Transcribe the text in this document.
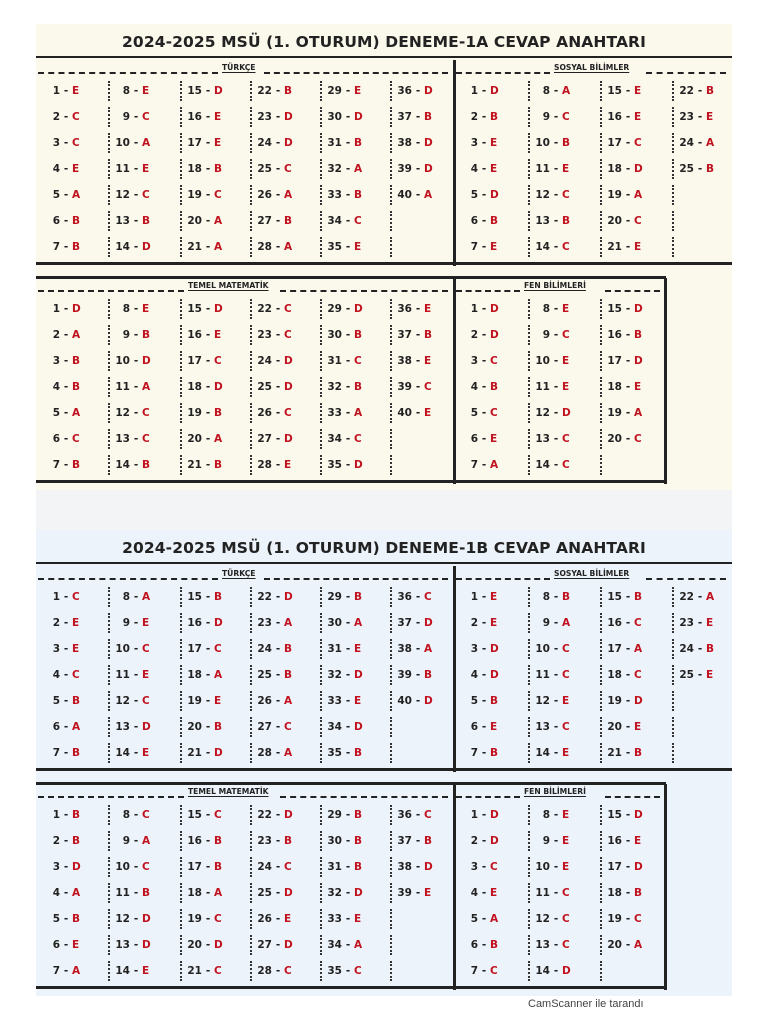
2024-2025 MSÜ (1. OTURUM) DENEME-1A CEVAP ANAHTARI
TÜRKÇE
1 - E
2 - C
3 - C
4 - E
5 - A
6 - B
7 - B
8 - E
9 - C
10 - A
11 - E
12 - C
13 - B
14 - D
15 - D
16 - E
17 - E
18 - B
19 - C
20 - A
21 - A
22 - B
23 - D
24 - D
25 - C
26 - A
27 - B
28 - A
29 - E
30 - D
31 - B
32 - A
33 - B
34 - C
35 - E
36 - D
37 - B
38 - D
39 - D
40 - A
SOSYAL BİLİMLER
1 - D
2 - B
3 - E
4 - E
5 - D
6 - B
7 - E
8 - A
9 - C
10 - B
11 - E
12 - C
13 - B
14 - C
15 - E
16 - E
17 - C
18 - D
19 - A
20 - C
21 - E
22 - B
23 - E
24 - A
25 - B
TEMEL MATEMATİK
1 - D
2 - A
3 - B
4 - B
5 - A
6 - C
7 - B
8 - E
9 - B
10 - D
11 - A
12 - C
13 - C
14 - B
15 - D
16 - E
17 - C
18 - D
19 - B
20 - A
21 - B
22 - C
23 - C
24 - D
25 - D
26 - C
27 - D
28 - E
29 - D
30 - B
31 - C
32 - B
33 - A
34 - C
35 - D
36 - E
37 - B
38 - E
39 - C
40 - E
FEN BİLİMLERİ
1 - D
2 - D
3 - C
4 - B
5 - C
6 - E
7 - A
8 - E
9 - C
10 - E
11 - E
12 - D
13 - C
14 - C
15 - D
16 - B
17 - D
18 - E
19 - A
20 - C
2024-2025 MSÜ (1. OTURUM) DENEME-1B CEVAP ANAHTARI
TÜRKÇE
1 - C
2 - E
3 - E
4 - C
5 - B
6 - A
7 - B
8 - A
9 - E
10 - C
11 - E
12 - C
13 - D
14 - E
15 - B
16 - D
17 - C
18 - A
19 - E
20 - B
21 - D
22 - D
23 - A
24 - B
25 - B
26 - A
27 - C
28 - A
29 - B
30 - A
31 - E
32 - D
33 - E
34 - D
35 - B
36 - C
37 - D
38 - A
39 - B
40 - D
SOSYAL BİLİMLER
1 - E
2 - E
3 - D
4 - D
5 - B
6 - E
7 - B
8 - B
9 - A
10 - C
11 - C
12 - E
13 - C
14 - E
15 - B
16 - C
17 - A
18 - C
19 - D
20 - E
21 - B
22 - A
23 - E
24 - B
25 - E
TEMEL MATEMATİK
1 - B
2 - B
3 - D
4 - A
5 - B
6 - E
7 - A
8 - C
9 - A
10 - C
11 - B
12 - D
13 - D
14 - E
15 - C
16 - B
17 - B
18 - A
19 - C
20 - D
21 - C
22 - D
23 - B
24 - C
25 - D
26 - E
27 - D
28 - C
29 - B
30 - B
31 - B
32 - D
33 - E
34 - A
35 - C
36 - C
37 - B
38 - D
39 - E
FEN BİLİMLERİ
1 - D
2 - D
3 - C
4 - E
5 - A
6 - B
7 - C
8 - E
9 - E
10 - E
11 - C
12 - C
13 - C
14 - D
15 - D
16 - E
17 - D
18 - B
19 - C
20 - A
CamScanner ile tarandı
